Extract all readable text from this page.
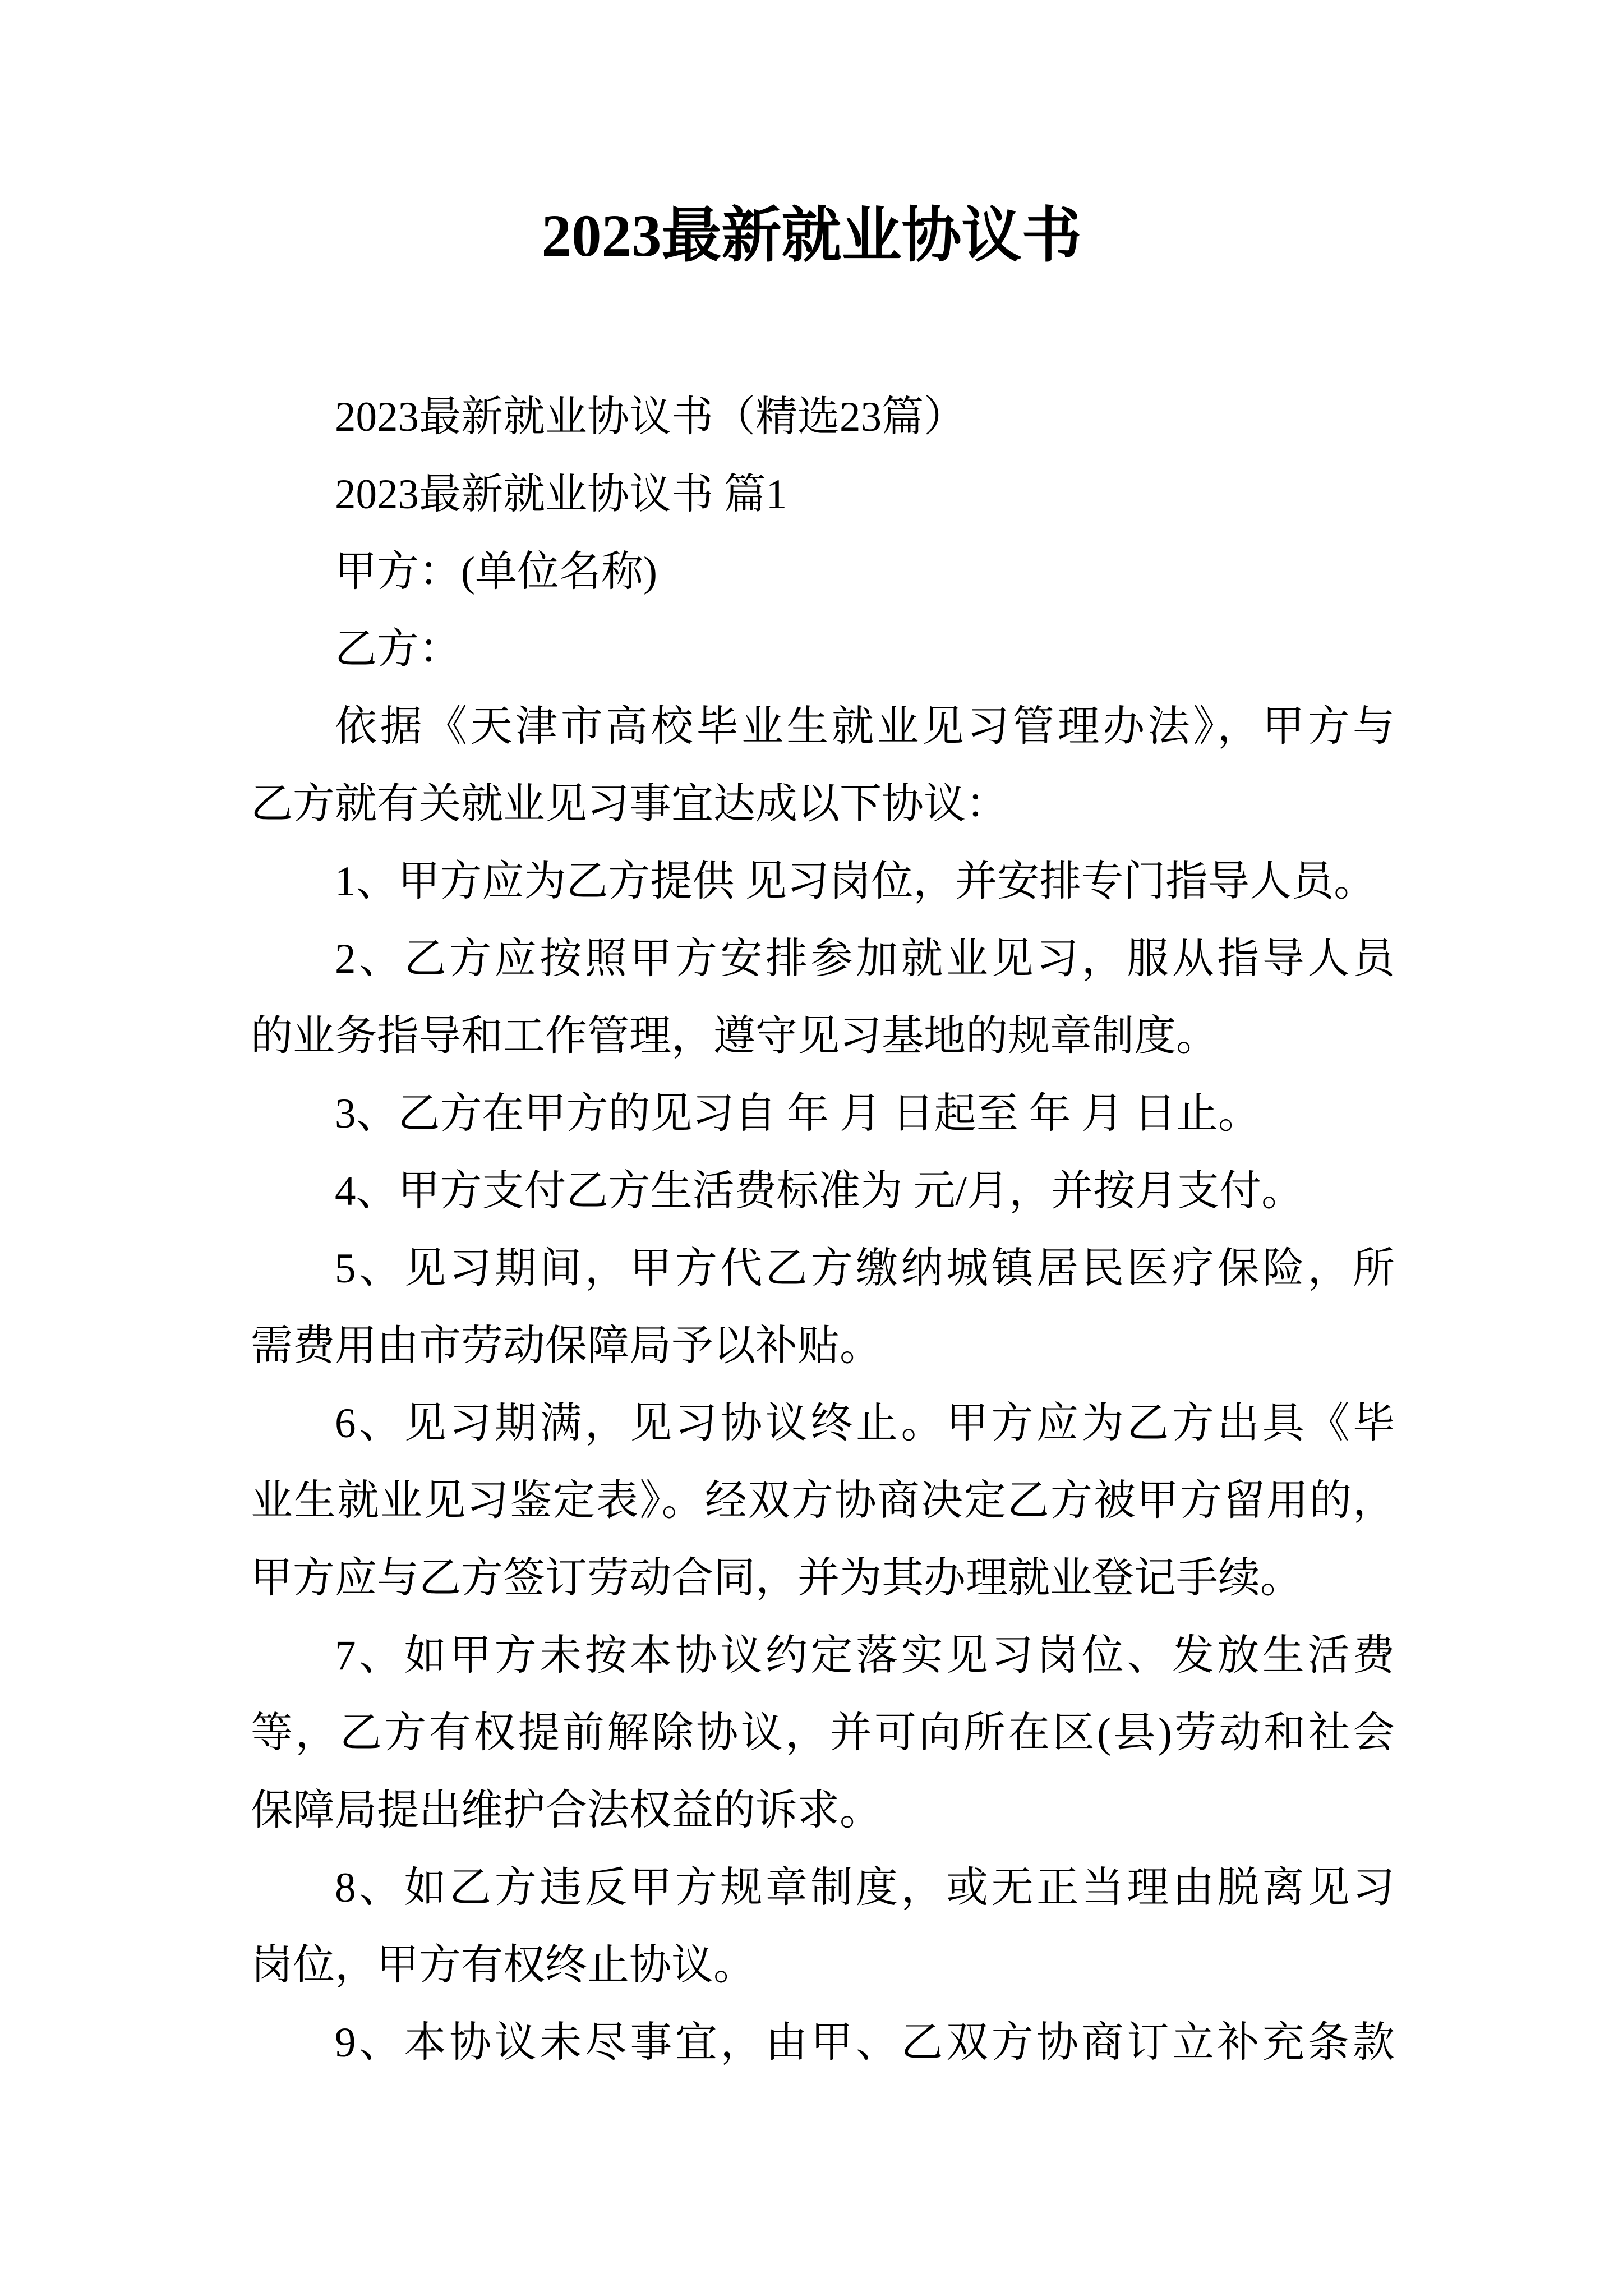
2023最新就业协议书
2023最新就业协议书（精选23篇）
2023最新就业协议书 篇1
甲方：(单位名称)
乙方：
依据《天津市高校毕业生就业见习管理办法》，甲方与
乙方就有关就业见习事宜达成以下协议：
1、甲方应为乙方提供 见习岗位，并安排专门指导人员。
2、乙方应按照甲方安排参加就业见习，服从指导人员
的业务指导和工作管理，遵守见习基地的规章制度。
3、乙方在甲方的见习自 年 月 日起至 年 月 日止。
4、甲方支付乙方生活费标准为 元/月，并按月支付。
5、见习期间，甲方代乙方缴纳城镇居民医疗保险，所
需费用由市劳动保障局予以补贴。
6、见习期满，见习协议终止。甲方应为乙方出具《毕
业生就业见习鉴定表》。经双方协商决定乙方被甲方留用的，
甲方应与乙方签订劳动合同，并为其办理就业登记手续。
7、如甲方未按本协议约定落实见习岗位、发放生活费
等，乙方有权提前解除协议，并可向所在区(县)劳动和社会
保障局提出维护合法权益的诉求。
8、如乙方违反甲方规章制度，或无正当理由脱离见习
岗位，甲方有权终止协议。
9、本协议未尽事宜，由甲、乙双方协商订立补充条款
